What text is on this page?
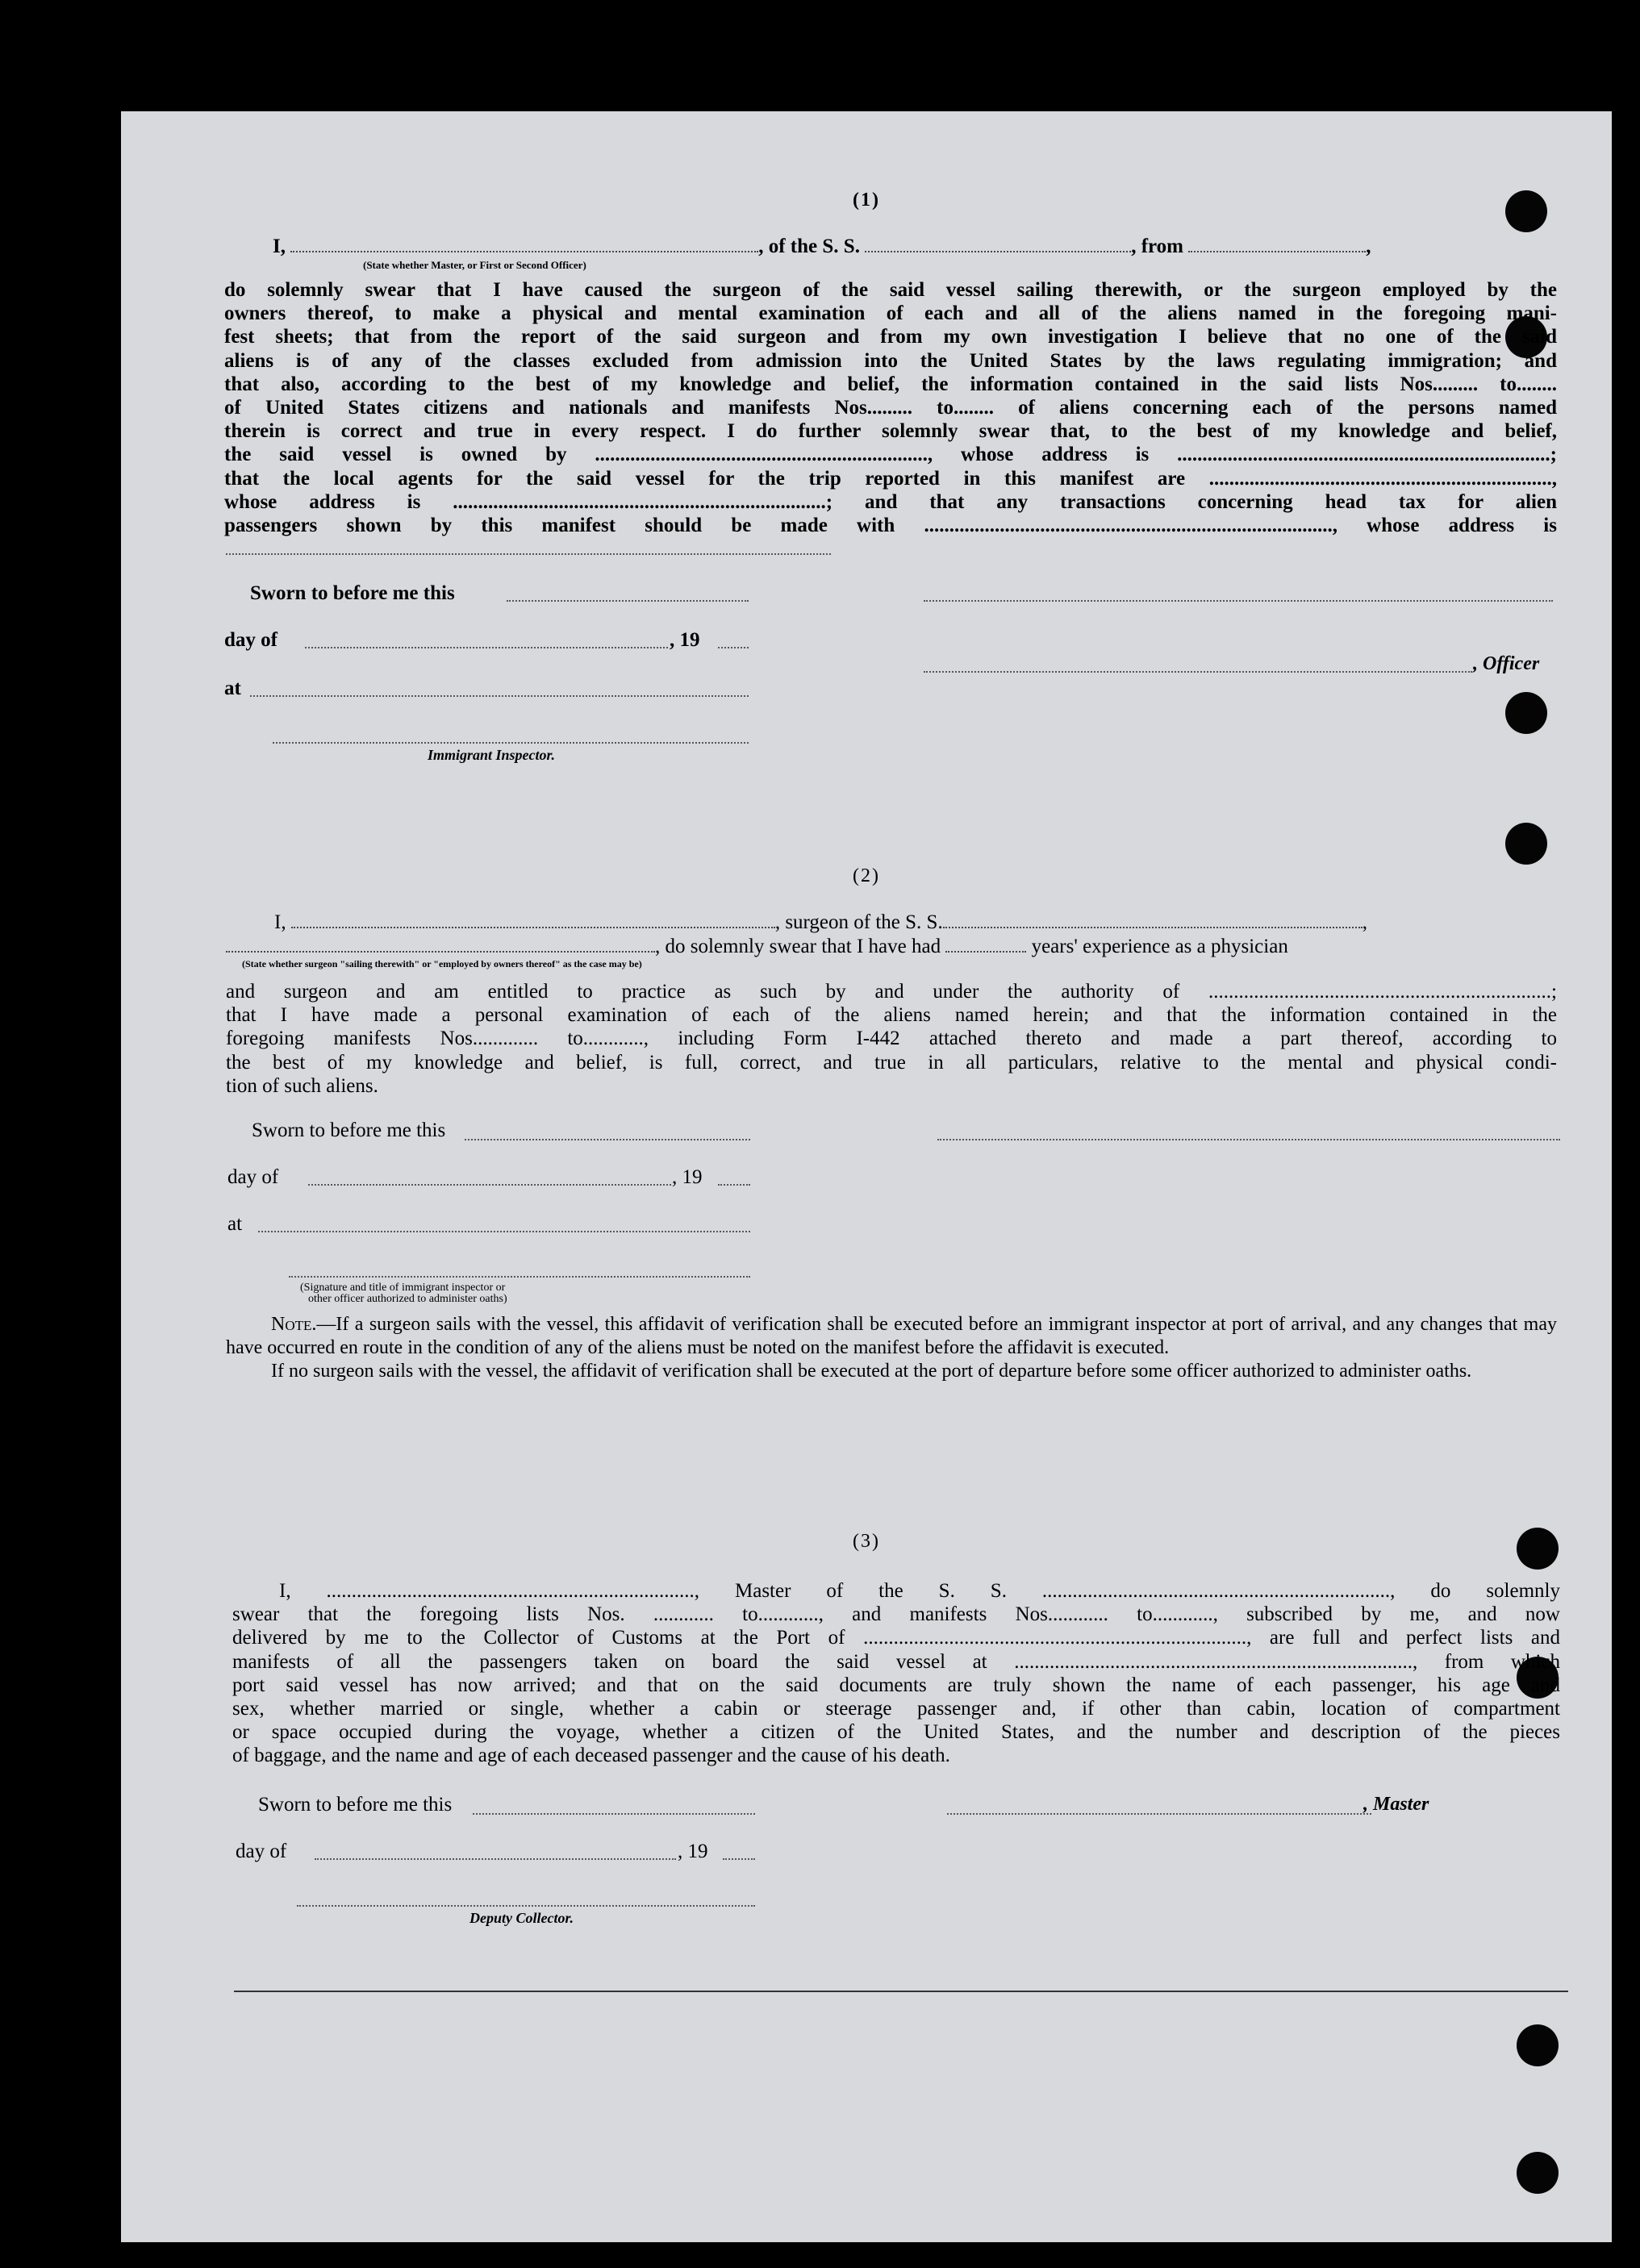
(1)
I,	, of the S. S.	, from	,
(State whether Master, or First or Second Officer)

do solemnly swear that I have caused the surgeon of the said vessel sailing therewith, or the surgeon employed by the

owners thereof, to make a physical and mental examination of each and all of the aliens named in the foregoing mani-

fest sheets; that from the report of the said surgeon and from my own investigation I believe that no one of the said

aliens is of any of the classes excluded from admission into the United States by the laws regulating immigration; and

that also, according to the best of my knowledge and belief, the information contained in the said lists Nos......... to........

of United States citizens and nationals and manifests Nos......... to........ of aliens concerning each of the persons named

therein is correct and true in every respect. I do further solemnly swear that, to the best of my knowledge and belief,

the said vessel is owned by .................................................................., whose address is ..........................................................................;

that the local agents for the said vessel for the trip reported in this manifest are ....................................................................,

whose address is ..........................................................................; and that any transactions concerning head tax for alien

passengers shown by this manifest should be made with ................................................................................., whose address is

Sworn to before me this
day of	, 19
, Officer
at
Immigrant Inspector.
(2)
I,	, surgeon of the S. S.	,
, do solemnly swear that I have had	years' experience as a physician
(State whether surgeon "sailing therewith" or "employed by owners thereof" as the case may be)

and surgeon and am entitled to practice as such by and under the authority of ....................................................................;

that I have made a personal examination of each of the aliens named herein; and that the information contained in the

foregoing manifests Nos............. to............, including Form I-442 attached thereto and made a part thereof, according to

the best of my knowledge and belief, is full, correct, and true in all particulars, relative to the mental and physical condi-

tion of such aliens.

Sworn to before me this
day of	, 19
at
(Signature and title of immigrant inspector or
other officer authorized to administer oaths)

Note.—If a surgeon sails with the vessel, this affidavit of verification shall be executed before an immigrant inspector at port of arrival, and any changes that may have occurred en route in the condition of any of the aliens must be noted on the manifest before the affidavit is executed.

If no surgeon sails with the vessel, the affidavit of verification shall be executed at the port of departure before some officer authorized to administer oaths.

(3)

I, ........................................................................., Master of the S. S. ....................................................................., do solemnly

swear that the foregoing lists Nos. ............ to............, and manifests Nos............ to............, subscribed by me, and now

delivered by me to the Collector of Customs at the Port of ............................................................................, are full and perfect lists and

manifests of all the passengers taken on board the said vessel at ..............................................................................., from which

port said vessel has now arrived; and that on the said documents are truly shown the name of each passenger, his age and

sex, whether married or single, whether a cabin or steerage passenger and, if other than cabin, location of compartment

or space occupied during the voyage, whether a citizen of the United States, and the number and description of the pieces

of baggage, and the name and age of each deceased passenger and the cause of his death.

Sworn to before me this	, Master
day of	, 19
Deputy Collector.
